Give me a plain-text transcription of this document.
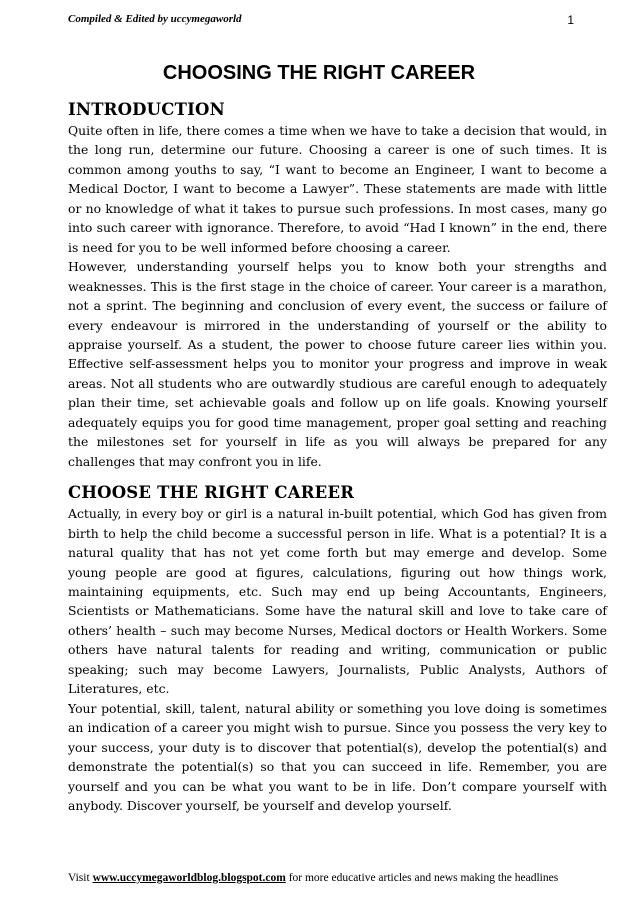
Compiled & Edited by uccymegaworld	1
CHOOSING THE RIGHT CAREER
INTRODUCTION

Quite often in life, there comes a time when we have to take a decision that would, in the long run, determine our future. Choosing a career is one of such times. It is common among youths to say, “I want to become an Engineer, I want to become a Medical Doctor, I want to become a Lawyer”. These statements are made with little or no knowledge of what it takes to pursue such professions. In most cases, many go into such career with ignorance. Therefore, to avoid “Had I known” in the end, there is need for you to be well informed before choosing a career.

However, understanding yourself helps you to know both your strengths and weaknesses. This is the first stage in the choice of career. Your career is a marathon, not a sprint. The beginning and conclusion of every event, the success or failure of every endeavour is mirrored in the understanding of yourself or the ability to appraise yourself. As a student, the power to choose future career lies within you. Effective self-assessment helps you to monitor your progress and improve in weak areas. Not all students who are outwardly studious are careful enough to adequately plan their time, set achievable goals and follow up on life goals. Knowing yourself adequately equips you for good time management, proper goal setting and reaching the milestones set for yourself in life as you will always be prepared for any challenges that may confront you in life.

CHOOSE THE RIGHT CAREER

Actually, in every boy or girl is a natural in-built potential, which God has given from birth to help the child become a successful person in life. What is a potential? It is a natural quality that has not yet come forth but may emerge and develop. Some young people are good at figures, calculations, figuring out how things work, maintaining equipments, etc. Such may end up being Accountants, Engineers, Scientists or Mathematicians. Some have the natural skill and love to take care of others’ health – such may become Nurses, Medical doctors or Health Workers. Some others have natural talents for reading and writing, communication or public speaking; such may become Lawyers, Journalists, Public Analysts, Authors of Literatures, etc.

Your potential, skill, talent, natural ability or something you love doing is sometimes an indication of a career you might wish to pursue. Since you possess the very key to your success, your duty is to discover that potential(s), develop the potential(s) and demonstrate the potential(s) so that you can succeed in life. Remember, you are yourself and you can be what you want to be in life. Don’t compare yourself with anybody. Discover yourself, be yourself and develop yourself.

Visit www.uccymegaworldblog.blogspot.com for more educative articles and news making the headlines
